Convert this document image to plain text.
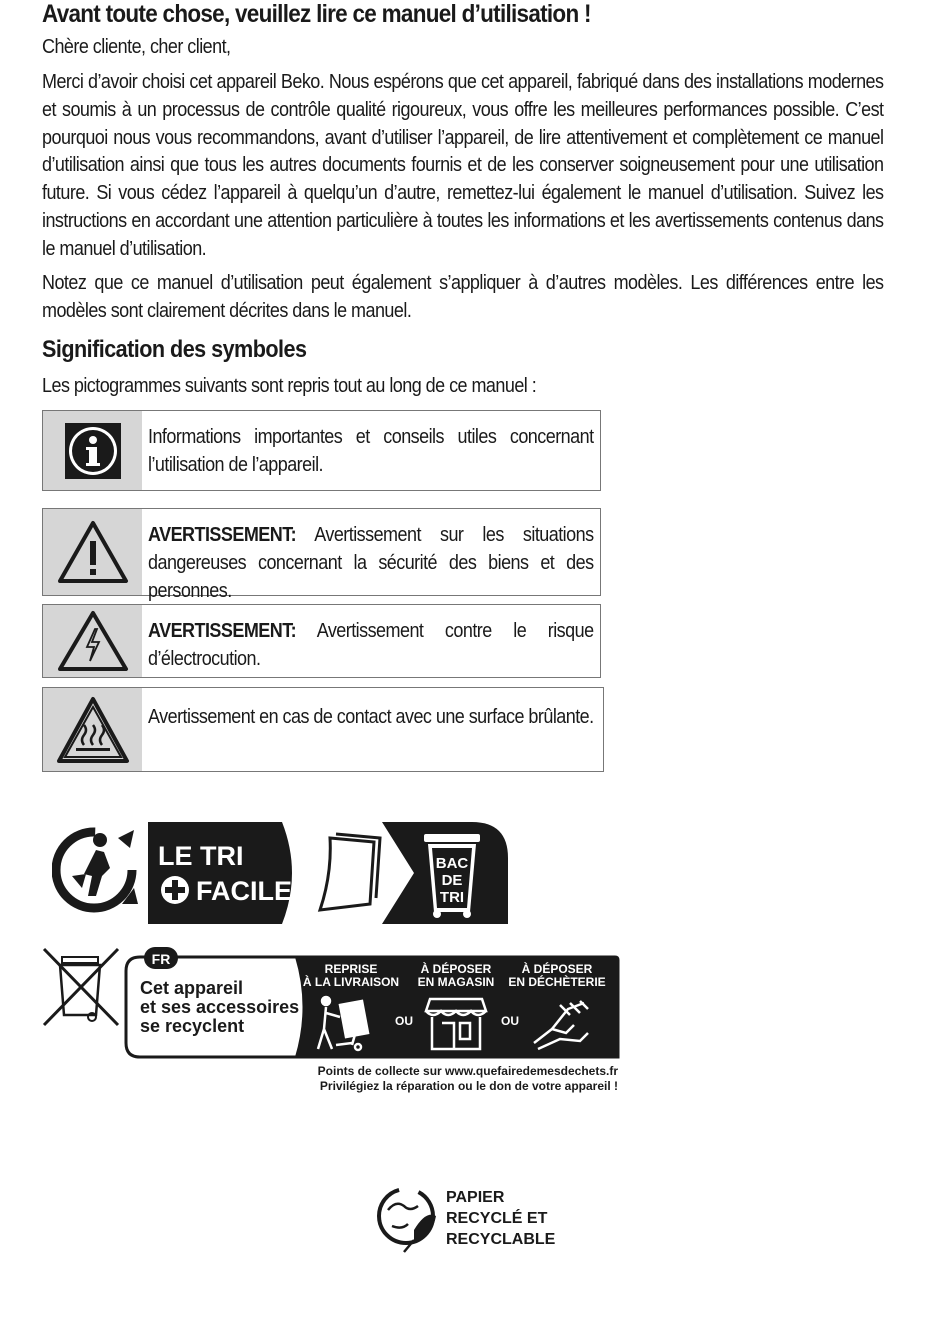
Avant toute chose, veuillez lire ce manuel d’utilisation !
Chère cliente, cher client,
Merci d’avoir choisi cet appareil Beko. Nous espérons que cet appareil, fabriqué dans des installations modernes et soumis à un processus de contrôle qualité rigoureux, vous offre les meilleures performances possible. C’est pourquoi nous vous recommandons, avant d’utiliser l’appareil, de lire attentivement et complètement ce manuel d’utilisation ainsi que tous les autres documents fournis et de les conserver soigneusement pour une utilisation future. Si vous cédez l’appareil à quelqu’un d’autre, remettez-lui également le manuel d’utilisation. Suivez les instructions en accordant une attention particulière à toutes les informations et les avertissements contenus dans le manuel d’utilisation.
Notez que ce manuel d’utilisation peut également s’appliquer à d’autres modèles. Les différences entre les modèles sont clairement décrites dans le manuel.
Signification des symboles
Les pictogrammes suivants sont repris tout au long de ce manuel :
Informations importantes et conseils utiles concernant l’utilisation de l’appareil.
AVERTISSEMENT: Avertissement sur les situations dangereuses concernant la sécurité des biens et des personnes.
AVERTISSEMENT: Avertissement contre le risque d’électrocution.
Avertissement en cas de contact avec une surface brûlante.
LE TRI
FACILE
BAC
DE
TRI
FR
Cet appareil
et ses accessoires
se recyclent
REPRISE
À LA LIVRAISON
À DÉPOSER
EN MAGASIN
À DÉPOSER
EN DÉCHÈTERIE
OU	OU
Points de collecte sur www.quefairedemesdechets.fr
Privilégiez la réparation ou le don de votre appareil !
PAPIER
RECYCLÉ ET
RECYCLABLE
